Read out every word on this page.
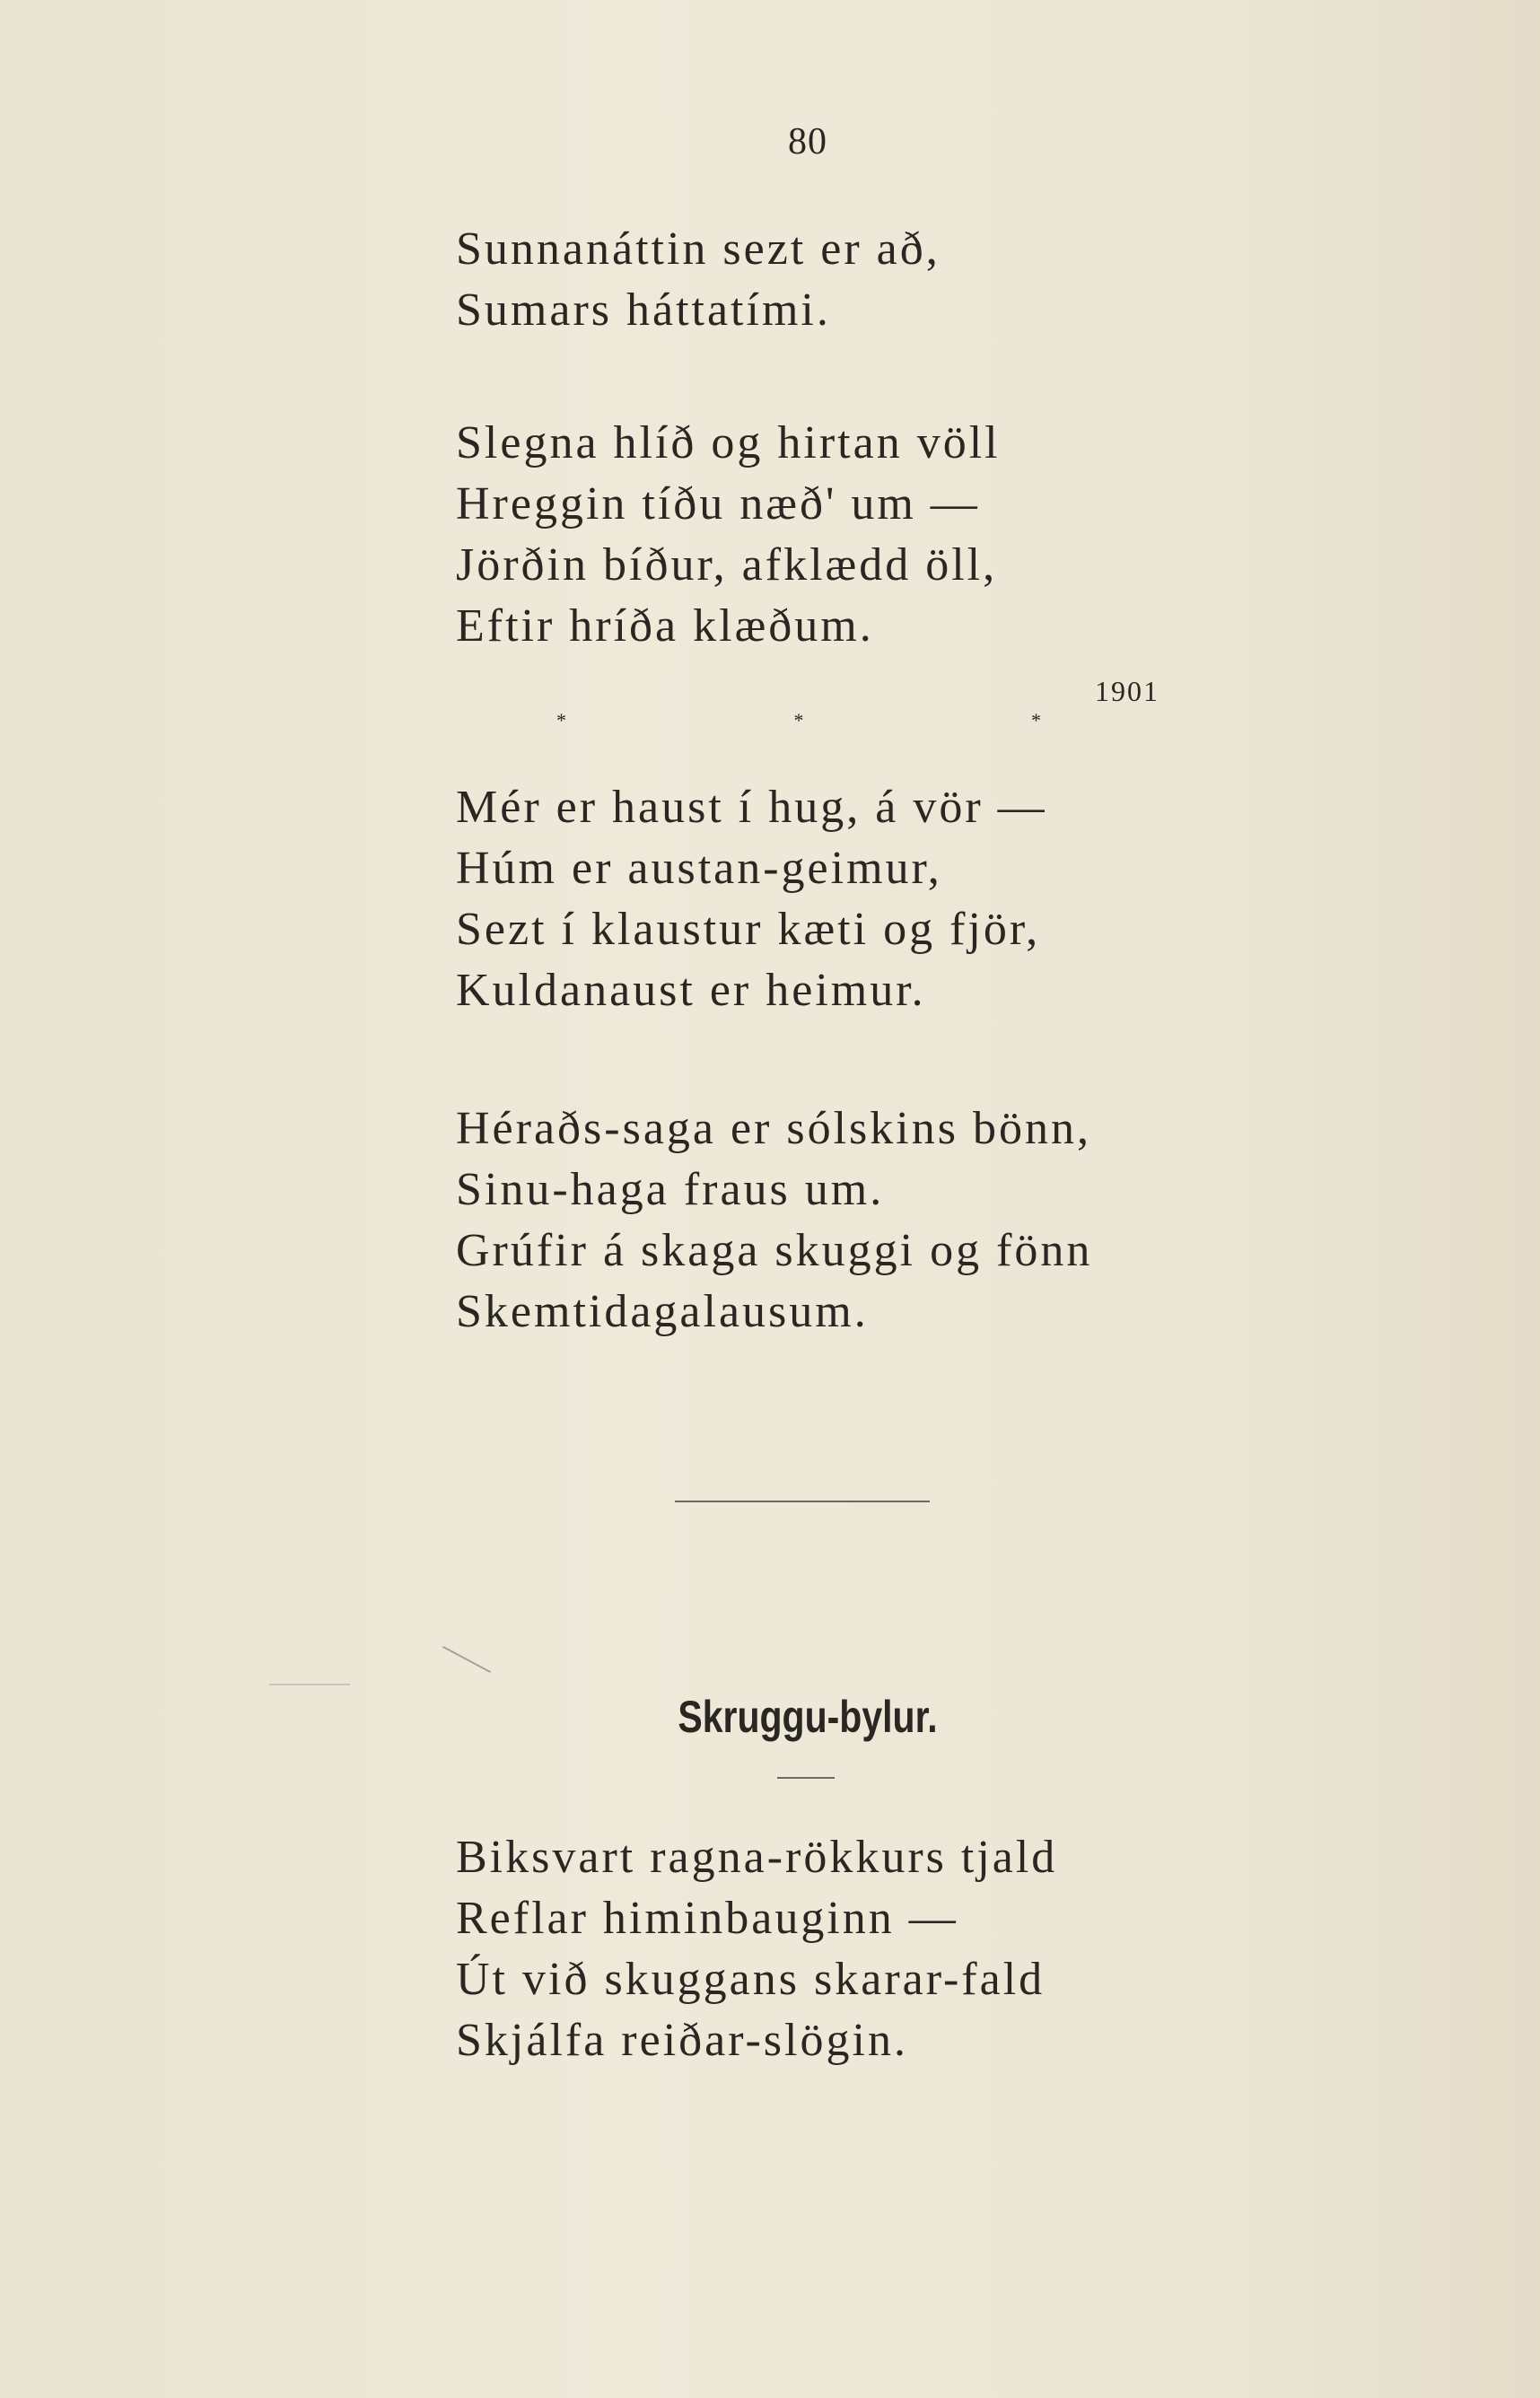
80
Sunnanáttin sezt er að,
Sumars háttatími.
Slegna hlíð og hirtan völl
Hreggin tíðu næð' um —
Jörðin bíður, afklædd öll,
Eftir hríða klæðum.
1901
*	*	*
Mér er haust í hug, á vör —
Húm er austan-geimur,
Sezt í klaustur kæti og fjör,
Kuldanaust er heimur.
Héraðs-saga er sólskins bönn,
Sinu-haga fraus um.
Grúfir á skaga skuggi og fönn
Skemtidagalausum.
Skruggu-bylur.
Biksvart ragna-rökkurs tjald
Reflar himinbauginn —
Út við skuggans skarar-fald
Skjálfa reiðar-slögin.
